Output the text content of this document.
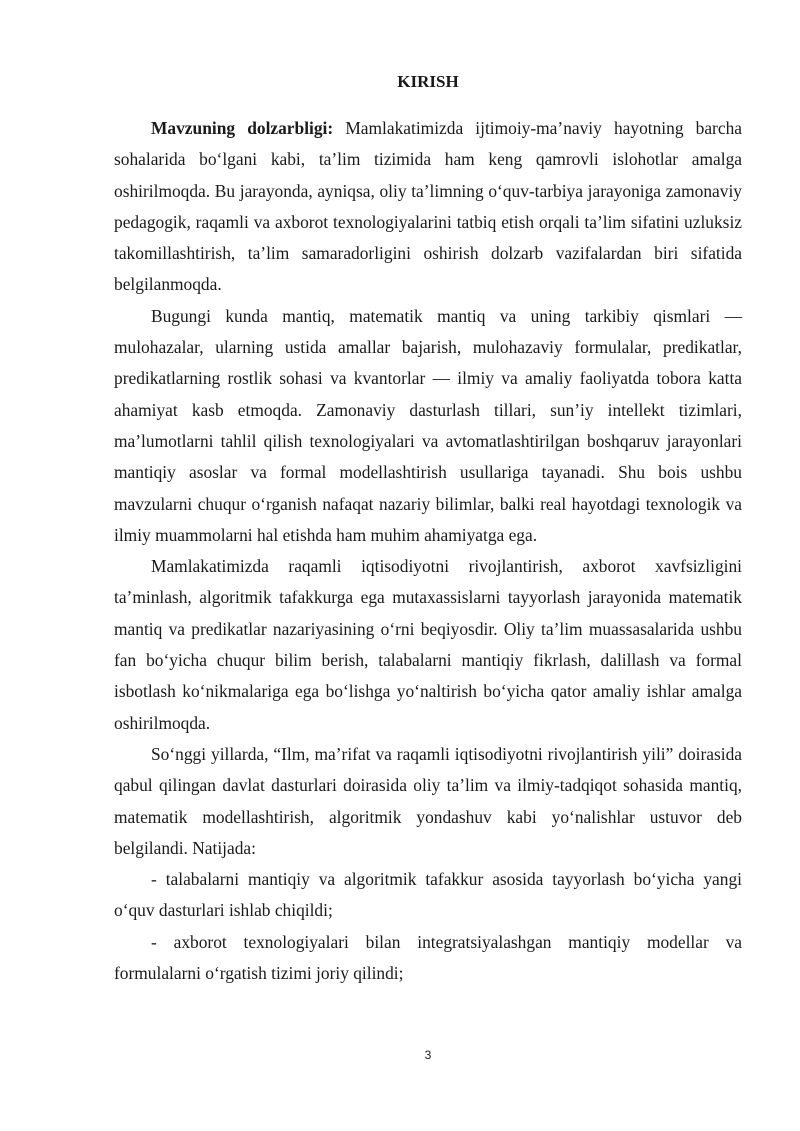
KIRISH

Mavzuning dolzarbligi: Mamlakatimizda ijtimoiy-ma’naviy hayotning barcha sohalarida bo‘lgani kabi, ta’lim tizimida ham keng qamrovli islohotlar amalga oshirilmoqda. Bu jarayonda, ayniqsa, oliy ta’limning o‘quv-tarbiya jarayoniga zamonaviy pedagogik, raqamli va axborot texnologiyalarini tatbiq etish orqali ta’lim sifatini uzluksiz takomillashtirish, ta’lim samaradorligini oshirish dolzarb vazifalardan biri sifatida belgilanmoqda.

Bugungi kunda mantiq, matematik mantiq va uning tarkibiy qismlari — mulohazalar, ularning ustida amallar bajarish, mulohazaviy formulalar, predikatlar, predikatlarning rostlik sohasi va kvantorlar — ilmiy va amaliy faoliyatda tobora katta ahamiyat kasb etmoqda. Zamonaviy dasturlash tillari, sun’iy intellekt tizimlari, ma’lumotlarni tahlil qilish texnologiyalari va avtomatlashtirilgan boshqaruv jarayonlari mantiqiy asoslar va formal modellashtirish usullariga tayanadi. Shu bois ushbu mavzularni chuqur o‘rganish nafaqat nazariy bilimlar, balki real hayotdagi texnologik va ilmiy muammolarni hal etishda ham muhim ahamiyatga ega.

Mamlakatimizda raqamli iqtisodiyotni rivojlantirish, axborot xavfsizligini ta’minlash, algoritmik tafakkurga ega mutaxassislarni tayyorlash jarayonida matematik mantiq va predikatlar nazariyasining o‘rni beqiyosdir. Oliy ta’lim muassasalarida ushbu fan bo‘yicha chuqur bilim berish, talabalarni mantiqiy fikrlash, dalillash va formal isbotlash ko‘nikmalariga ega bo‘lishga yo‘naltirish bo‘yicha qator amaliy ishlar amalga oshirilmoqda.

So‘nggi yillarda, “Ilm, ma’rifat va raqamli iqtisodiyotni rivojlantirish yili” doirasida qabul qilingan davlat dasturlari doirasida oliy ta’lim va ilmiy-tadqiqot sohasida mantiq, matematik modellashtirish, algoritmik yondashuv kabi yo‘nalishlar ustuvor deb belgilandi. Natijada:

- talabalarni mantiqiy va algoritmik tafakkur asosida tayyorlash bo‘yicha yangi o‘quv dasturlari ishlab chiqildi;

- axborot texnologiyalari bilan integratsiyalashgan mantiqiy modellar va formulalarni o‘rgatish tizimi joriy qilindi;

3
